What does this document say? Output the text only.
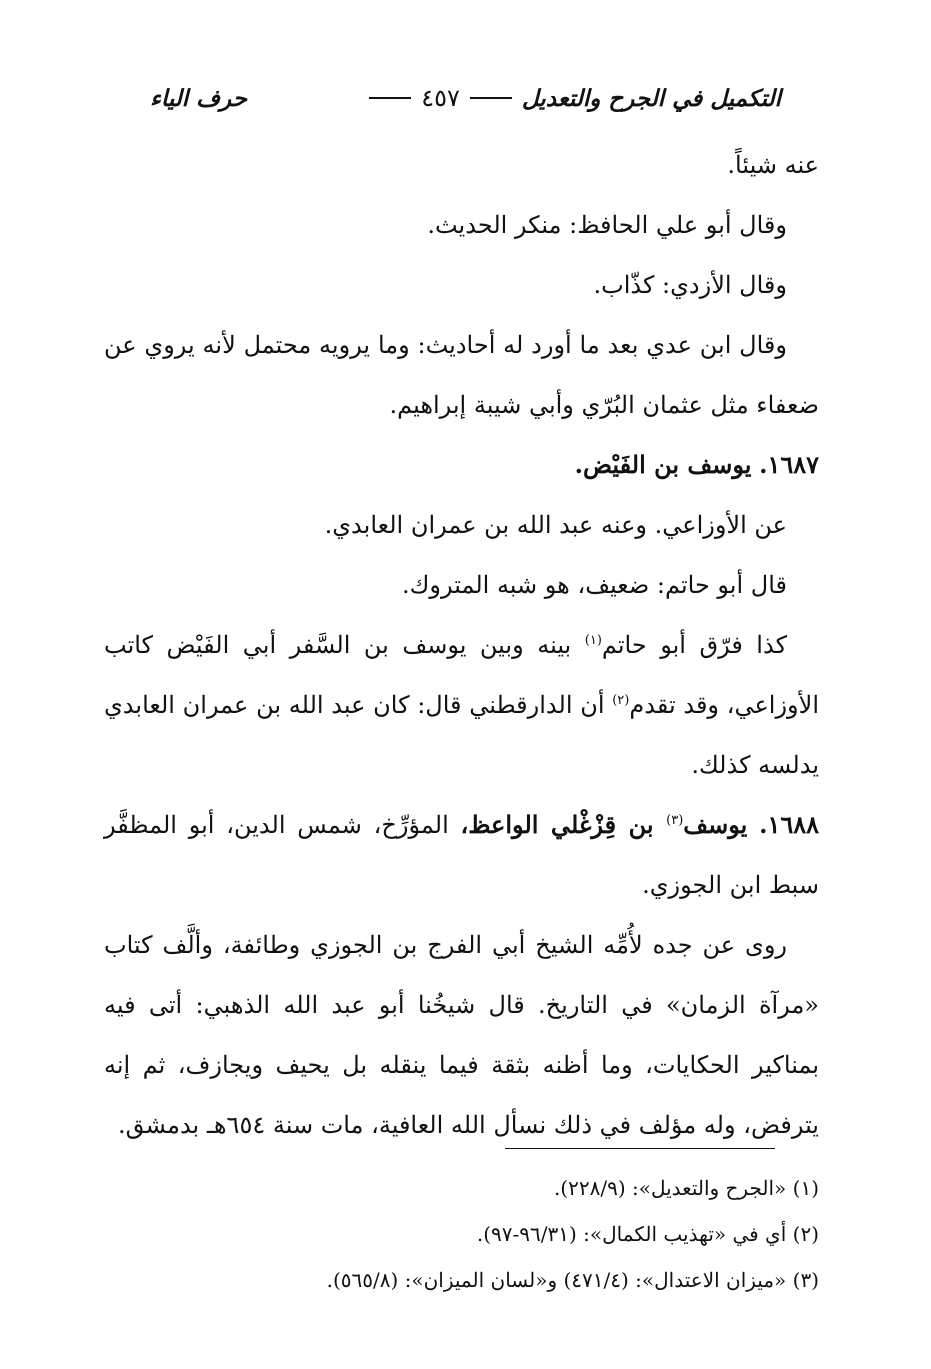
التكميل في الجرح والتعديل
٤٥٧
حرف الياء

عنه شيئاً.

وقال أبو علي الحافظ: منكر الحديث.

وقال الأزدي: كذّاب.

وقال ابن عدي بعد ما أورد له أحاديث: وما يرويه محتمل لأنه يروي عن ضعفاء مثل عثمان البُرّي وأبي شيبة إبراهيم.

١٦٨٧. يوسف بن الفَيْض.

عن الأوزاعي. وعنه عبد الله بن عمران العابدي.

قال أبو حاتم: ضعيف، هو شبه المتروك.

كذا فرّق أبو حاتم$^{(١)}$ بينه وبين يوسف بن السَّفر أبي الفَيْض كاتب الأوزاعي، وقد تقدم$^{(٢)}$ أن الدارقطني قال: كان عبد الله بن عمران العابدي يدلسه كذلك.

١٦٨٨. يوسف$^{(٣)}$ بن قِزْغْلي الواعظ، المؤرِّخ، شمس الدين، أبو المظفَّر سبط ابن الجوزي.

روى عن جده لأُمِّه الشيخ أبي الفرج بن الجوزي وطائفة، وألَّف كتاب «مرآة الزمان» في التاريخ. قال شيخُنا أبو عبد الله الذهبي: أتى فيه بمناكير الحكايات، وما أظنه بثقة فيما ينقله بل يحيف ويجازف، ثم إنه يترفض، وله مؤلف في ذلك نسأل الله العافية، مات سنة ٦٥٤هـ بدمشق.

(١) «الجرح والتعديل»: (٢٢٨/٩).

(٢) أي في «تهذيب الكمال»: (٩٦/٣١-٩٧).

(٣) «ميزان الاعتدال»: (٤٧١/٤) و«لسان الميزان»: (٥٦٥/٨).
